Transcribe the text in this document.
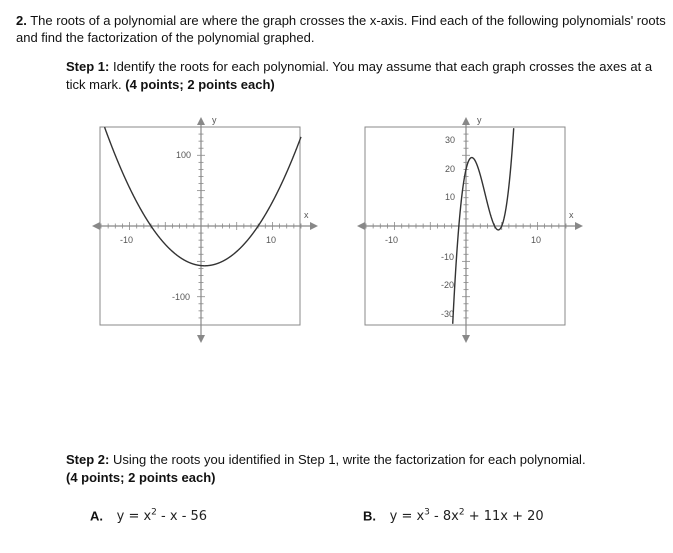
2. The roots of a polynomial are where the graph crosses the x-axis. Find each of the following polynomials' roots and find the factorization of the polynomial graphed.
Step 1: Identify the roots for each polynomial. You may assume that each graph crosses the axes at a tick mark. (4 points; 2 points each)
y
x
-10	10
100
-100
y
x
-10	10
30
20
10
-10
-20
-30
Step 2: Using the roots you identified in Step 1, write the factorization for each polynomial.
(4 points; 2 points each)
A. $y = x^2 - x - 56$	B. $y = x^3 - 8x^2 + 11x + 20$
